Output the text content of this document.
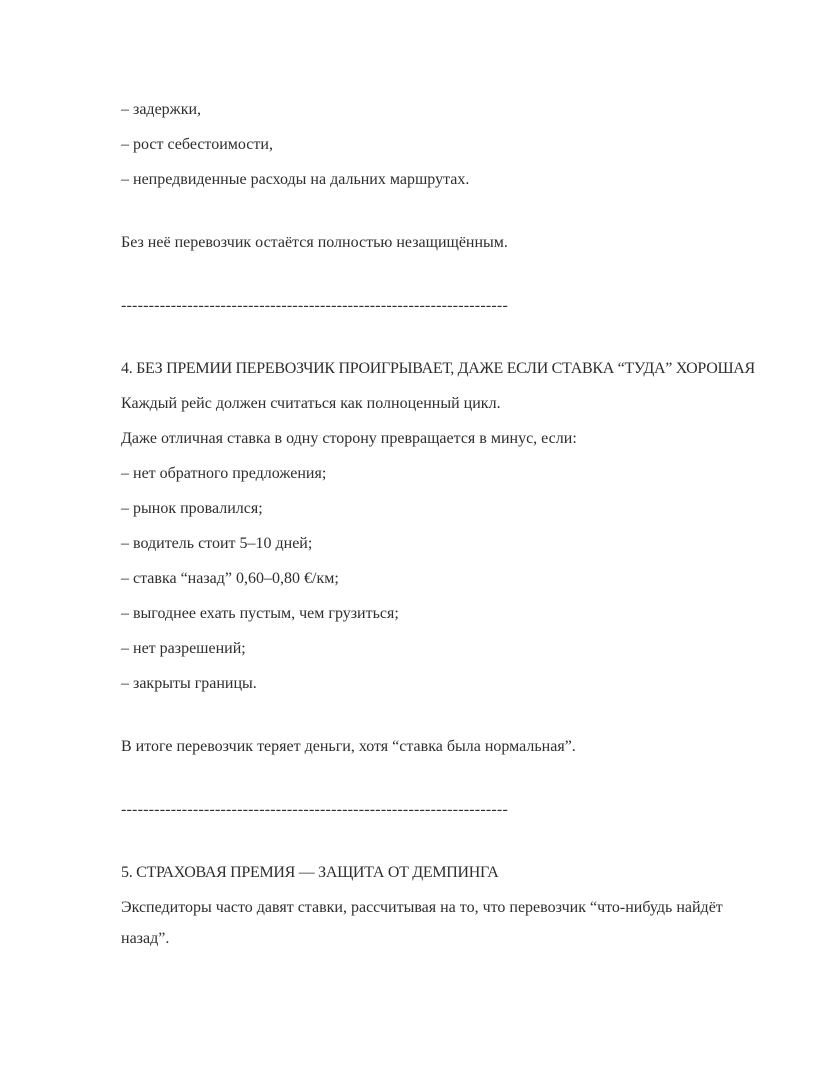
– задержки,

– рост себестоимости,

– непредвиденные расходы на дальних маршрутах.

Без неё перевозчик остаётся полностью незащищённым.

----------------------------------------------------------------------

4. БЕЗ ПРЕМИИ ПЕРЕВОЗЧИК ПРОИГРЫВАЕТ, ДАЖЕ ЕСЛИ СТАВКА “ТУДА” ХОРОШАЯ

Каждый рейс должен считаться как полноценный цикл.

Даже отличная ставка в одну сторону превращается в минус, если:

– нет обратного предложения;

– рынок провалился;

– водитель стоит 5–10 дней;

– ставка “назад” 0,60–0,80 €/км;

– выгоднее ехать пустым, чем грузиться;

– нет разрешений;

– закрыты границы.

В итоге перевозчик теряет деньги, хотя “ставка была нормальная”.

----------------------------------------------------------------------

5. СТРАХОВАЯ ПРЕМИЯ — ЗАЩИТА ОТ ДЕМПИНГА

Экспедиторы часто давят ставки, рассчитывая на то, что перевозчик “что-нибудь найдёт назад”.
